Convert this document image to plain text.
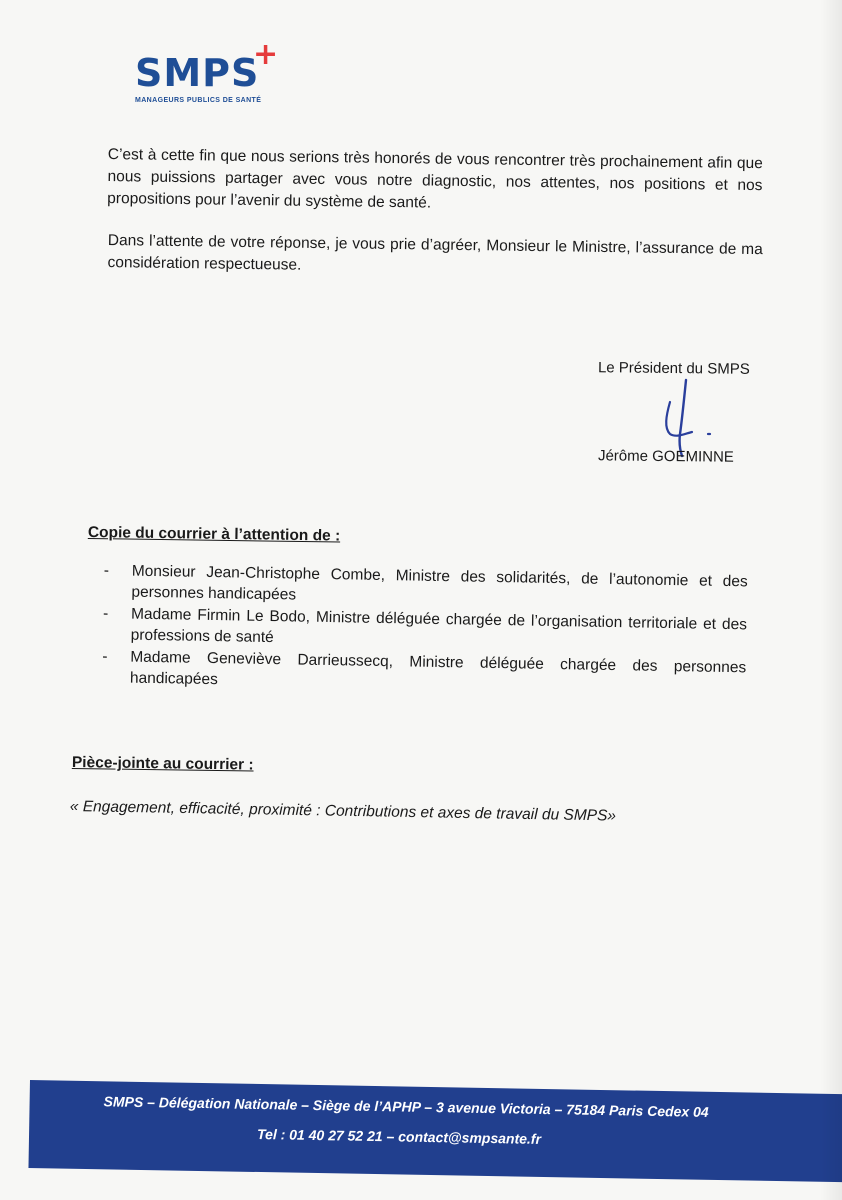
SMPS
+
MANAGEURS PUBLICS DE SANTÉ

C’est à cette fin que nous serions très honorés de vous rencontrer très prochainement afin que nous puissions partager avec vous notre diagnostic, nos attentes, nos positions et nos propositions pour l’avenir du système de santé.

Dans l’attente de votre réponse, je vous prie d’agréer, Monsieur le Ministre, l’assurance de ma considération respectueuse.

Le Président du SMPS
Jérôme GOEMINNE
Copie du courrier à l’attention de :
- Monsieur Jean-Christophe Combe, Ministre des solidarités, de l’autonomie et des personnes handicapées
- Madame Firmin Le Bodo, Ministre déléguée chargée de l’organisation territoriale et des professions de santé
- Madame Geneviève Darrieussecq, Ministre déléguée chargée des personnes handicapées
Pièce-jointe au courrier :
« Engagement, efficacité, proximité : Contributions et axes de travail du SMPS»
SMPS – Délégation Nationale – Siège de l’APHP – 3 avenue Victoria – 75184 Paris Cedex 04
Tel : 01 40 27 52 21 – contact@smpsante.fr
